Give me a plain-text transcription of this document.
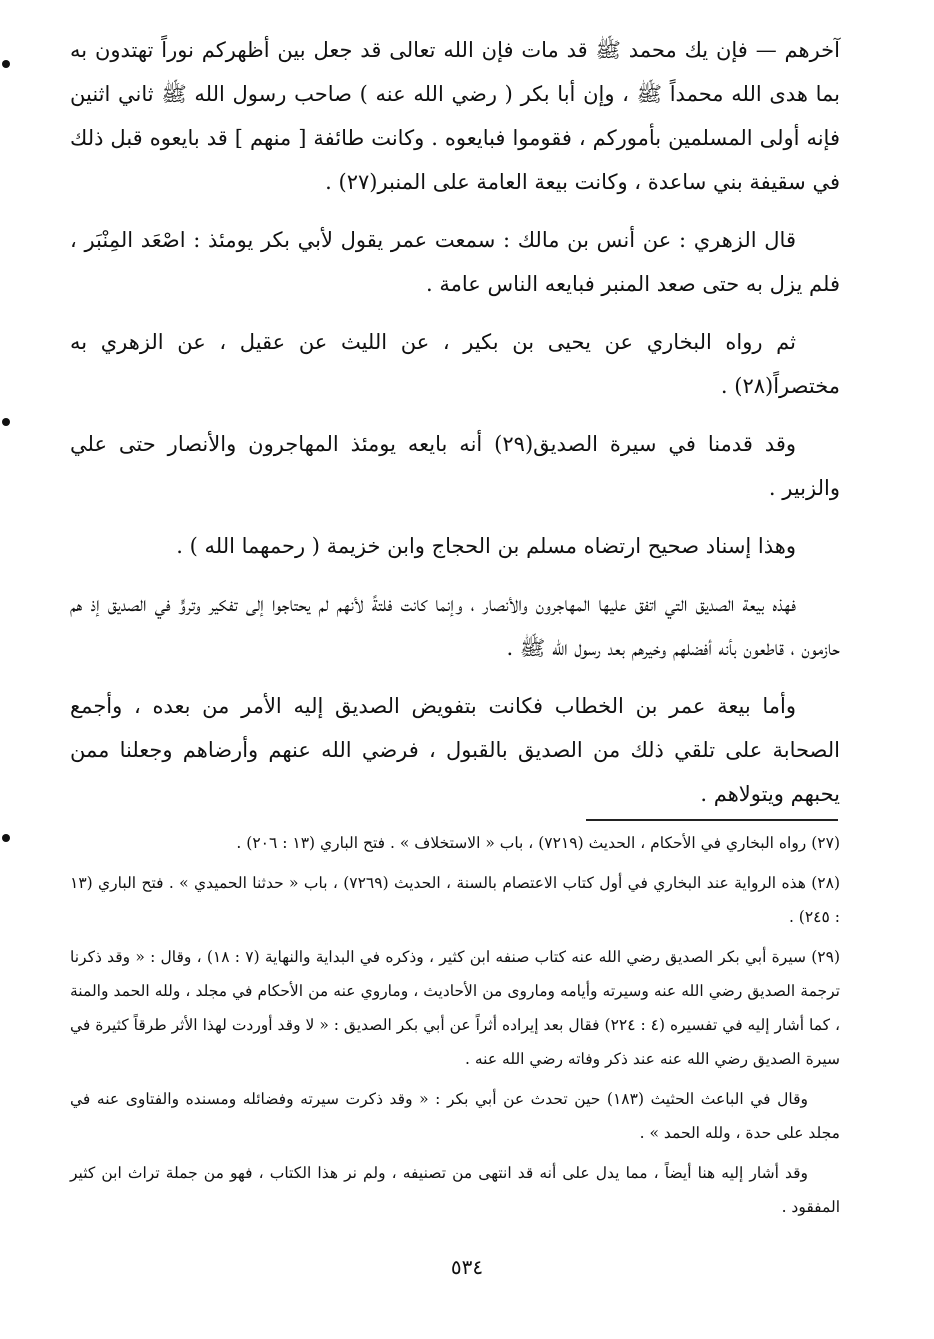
آخرهم — فإن يك محمد ﷺ قد مات فإن الله تعالى قد جعل بين أظهركم نوراً تهتدون به بما هدى الله محمداً ﷺ ، وإن أبا بكر ( رضي الله عنه ) صاحب رسول الله ﷺ ثاني اثنين فإنه أولى المسلمين بأموركم ، فقوموا فبايعوه . وكانت طائفة [ منهم ] قد بايعوه قبل ذلك في سقيفة بني ساعدة ، وكانت بيعة العامة على المنبر(٢٧) .

قال الزهري : عن أنس بن مالك : سمعت عمر يقول لأبي بكر يومئذ : اصْعَد المِنْبَر ، فلم يزل به حتى صعد المنبر فبايعه الناس عامة .

ثم رواه البخاري عن يحيى بن بكير ، عن الليث عن عقيل ، عن الزهري به مختصراً(٢٨) .

وقد قدمنا في سيرة الصديق(٢٩) أنه بايعه يومئذ المهاجرون والأنصار حتى علي والزبير .

وهذا إسناد صحيح ارتضاه مسلم بن الحجاج وابن خزيمة ( رحمهما الله ) .

فهذه بيعة الصديق التي اتفق عليها المهاجرون والأنصار ، وإنما كانت فلتةً لأنهم لم يحتاجوا إلى تفكير وتروٍّ في الصديق إذ هم حازمون ، قاطعون بأنه أفضلهم وخيرهم بعد رسول الله ﷺ .

وأما بيعة عمر بن الخطاب فكانت بتفويض الصديق إليه الأمر من بعده ، وأجمع الصحابة على تلقي ذلك من الصديق بالقبول ، فرضي الله عنهم وأرضاهم وجعلنا ممن يحبهم ويتولاهم .

(٢٧) رواه البخاري في الأحكام ، الحديث (٧٢١٩) ، باب « الاستخلاف » . فتح الباري (١٣ : ٢٠٦) .

(٢٨) هذه الرواية عند البخاري في أول كتاب الاعتصام بالسنة ، الحديث (٧٢٦٩) ، باب « حدثنا الحميدي » . فتح الباري (١٣ : ٢٤٥) .

(٢٩) سيرة أبي بكر الصديق رضي الله عنه كتاب صنفه ابن كثير ، وذكره في البداية والنهاية (٧ : ١٨) ، وقال : « وقد ذكرنا ترجمة الصديق رضي الله عنه وسيرته وأيامه وماروى من الأحاديث ، وماروي عنه من الأحكام في مجلد ، ولله الحمد والمنة ، كما أشار إليه في تفسيره (٤ : ٢٢٤) فقال بعد إيراده أثراً عن أبي بكر الصديق : « لا وقد أوردت لهذا الأثر طرقاً كثيرة في سيرة الصديق رضي الله عنه عند ذكر وفاته رضي الله عنه .

وقال في الباعث الحثيث (١٨٣) حين تحدث عن أبي بكر : « وقد ذكرت سيرته وفضائله ومسنده والفتاوى عنه في مجلد على حدة ، ولله الحمد » .

وقد أشار إليه هنا أيضاً ، مما يدل على أنه قد انتهى من تصنيفه ، ولم نر هذا الكتاب ، فهو من جملة تراث ابن كثير المفقود .

٥٣٤
